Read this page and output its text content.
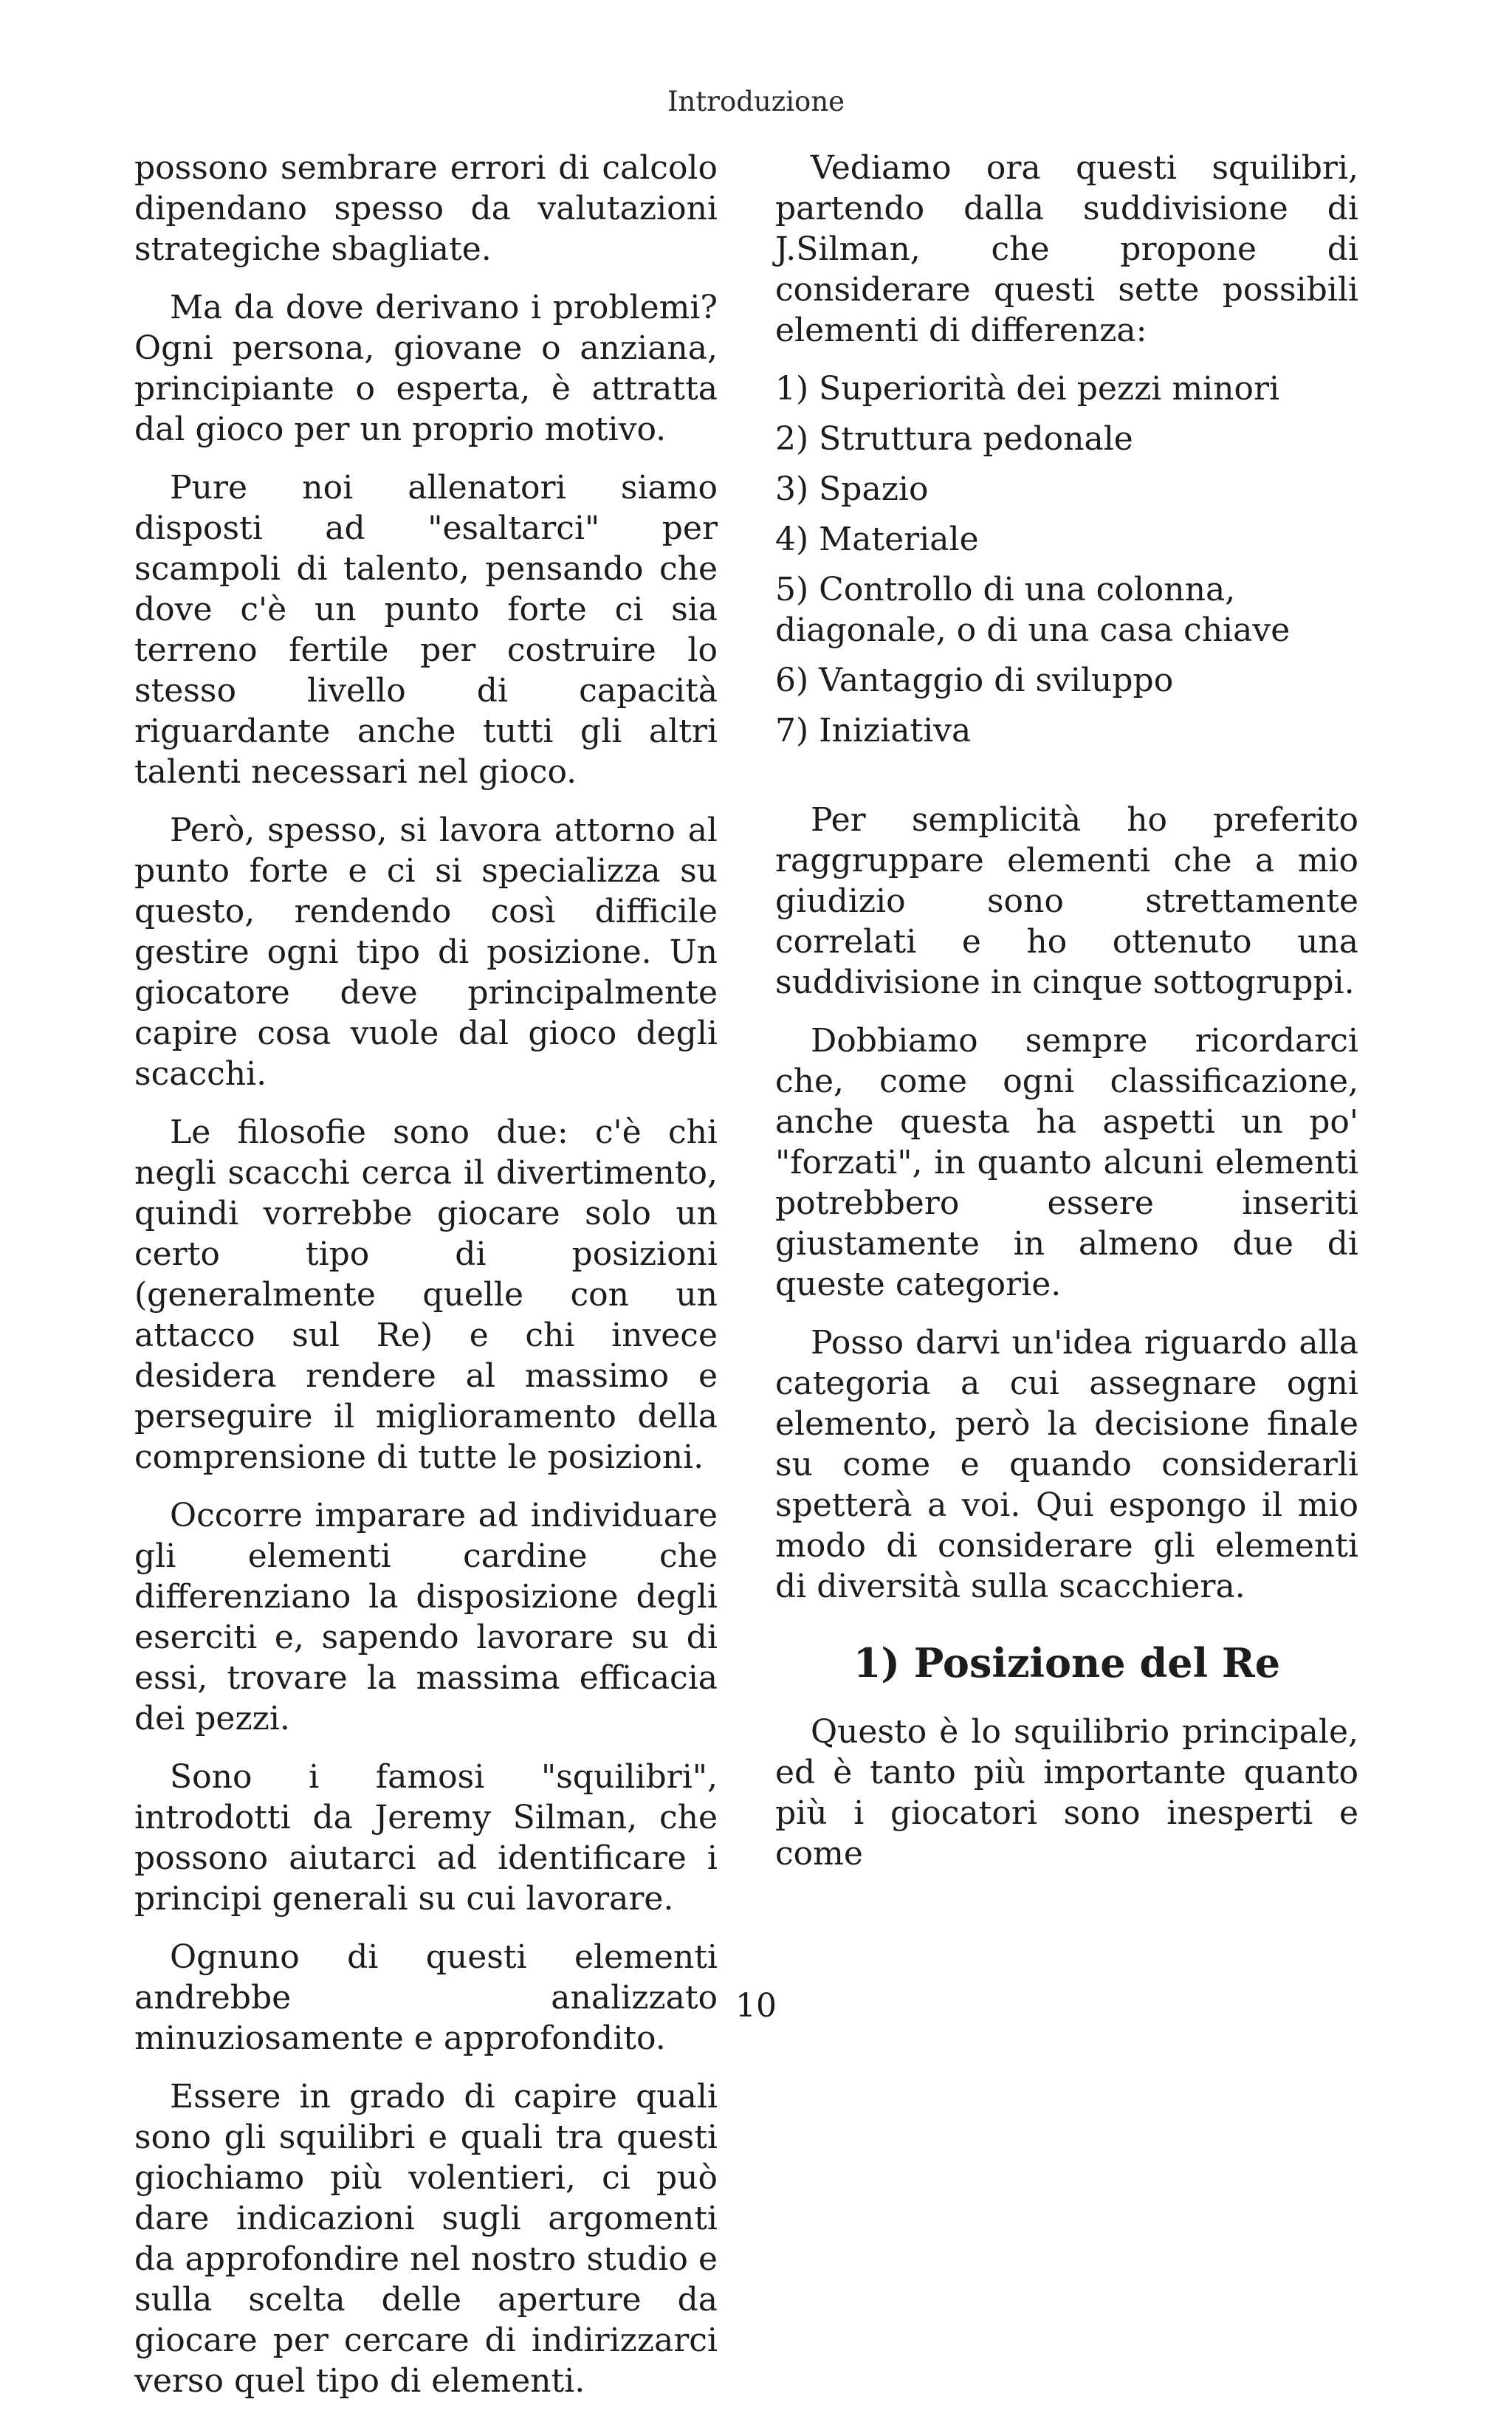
Introduzione

possono sembrare errori di calcolo dipendano spesso da valutazioni strategiche sbagliate.

Ma da dove derivano i problemi? Ogni persona, giovane o anziana, principiante o esperta, è attratta dal gioco per un proprio motivo.

Pure noi allenatori siamo disposti ad "esaltarci" per scampoli di talento, pensando che dove c'è un punto forte ci sia terreno fertile per costruire lo stesso livello di capacità riguardante anche tutti gli altri talenti necessari nel gioco.

Però, spesso, si lavora attorno al punto forte e ci si specializza su questo, rendendo così difficile gestire ogni tipo di posizione. Un giocatore deve principalmente capire cosa vuole dal gioco degli scacchi.

Le filosofie sono due: c'è chi negli scacchi cerca il divertimento, quindi vorrebbe giocare solo un certo tipo di posizioni (generalmente quelle con un attacco sul Re) e chi invece desidera rendere al massimo e perseguire il miglioramento della comprensione di tutte le posizioni.

Occorre imparare ad individuare gli elementi cardine che differenziano la disposizione degli eserciti e, sapendo lavorare su di essi, trovare la massima efficacia dei pezzi.

Sono i famosi "squilibri", introdotti da Jeremy Silman, che possono aiutarci ad identificare i principi generali su cui lavorare.

Ognuno di questi elementi andrebbe analizzato minuziosamente e approfondito.

Essere in grado di capire quali sono gli squilibri e quali tra questi giochiamo più volentieri, ci può dare indicazioni sugli argomenti da approfondire nel nostro studio e sulla scelta delle aperture da giocare per cercare di indirizzarci verso quel tipo di elementi.

Vediamo ora questi squilibri, partendo dalla suddivisione di J.Silman, che propone di considerare questi sette possibili elementi di differenza:

1) Superiorità dei pezzi minori
2) Struttura pedonale
3) Spazio
4) Materiale
5) Controllo di una colonna, diagonale, o di una casa chiave
6) Vantaggio di sviluppo
7) Iniziativa

Per semplicità ho preferito raggruppare elementi che a mio giudizio sono strettamente correlati e ho ottenuto una suddivisione in cinque sottogruppi.

Dobbiamo sempre ricordarci che, come ogni classificazione, anche questa ha aspetti un po' "forzati", in quanto alcuni elementi potrebbero essere inseriti giustamente in almeno due di queste categorie.

Posso darvi un'idea riguardo alla categoria a cui assegnare ogni elemento, però la decisione finale su come e quando considerarli spetterà a voi. Qui espongo il mio modo di considerare gli elementi di diversità sulla scacchiera.

1) Posizione del Re

Questo è lo squilibrio principale, ed è tanto più importante quanto più i giocatori sono inesperti e come

10
